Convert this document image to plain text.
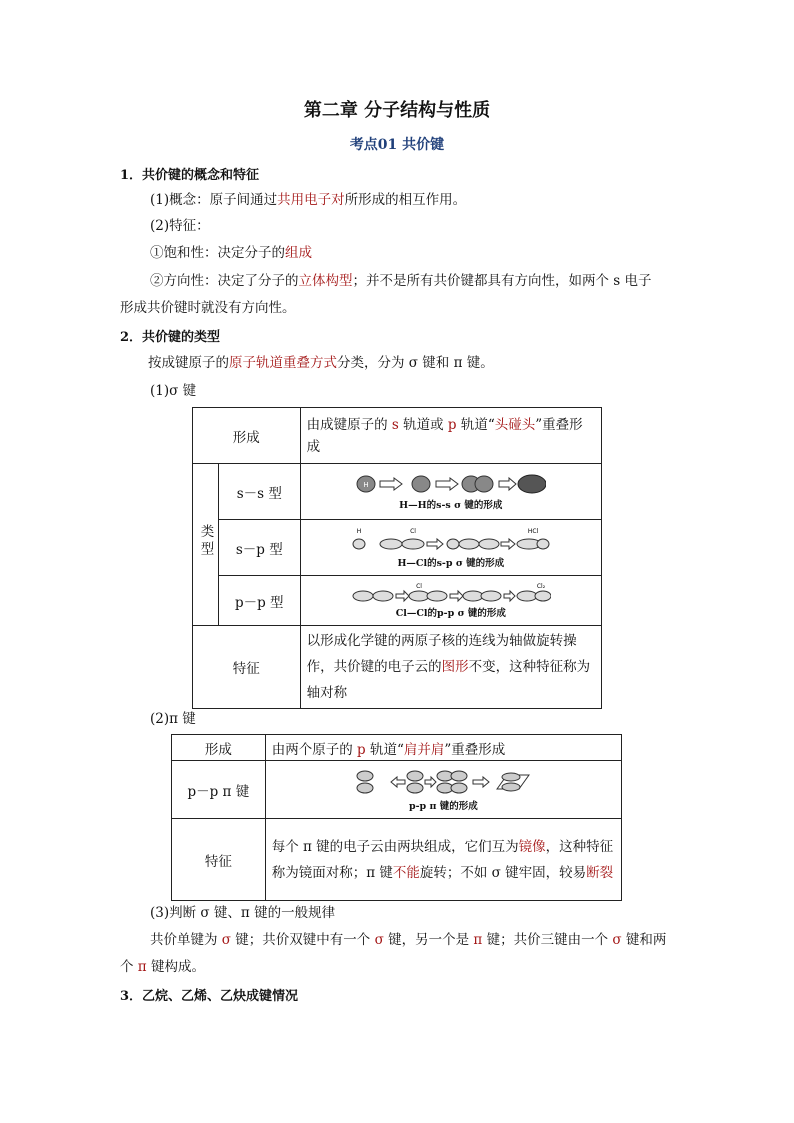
第二章 分子结构与性质
考点01 共价键
1．共价键的概念和特征
(1)概念：原子间通过共用电子对所形成的相互作用。
(2)特征：
①饱和性：决定分子的组成
②方向性：决定了分子的立体构型；并不是所有共价键都具有方向性，如两个 s 电子
形成共价键时就没有方向性。
2．共价键的类型
按成键原子的原子轨道重叠方式分类，分为 σ 键和 π 键。
(1)σ 键
形成		由成键原子的 s 轨道或 p 轨道“头碰头”重叠形成
类型	s－s 型	H
H—H的s-s σ 键的形成

	s－p 型	H Cl HCl
H—Cl的s-p σ 键的形成

	p－p 型	Cl Cl₂
Cl—Cl的p-p σ 键的形成

特征		以形成化学键的两原子核的连线为轴做旋转操作，共价键的电子云的图形不变，这种特征称为轴对称
(2)π 键
形成	由两个原子的 p 轨道“肩并肩”重叠形成
p－p π 键	p-p π 键的形成

特征	每个 π 键的电子云由两块组成，它们互为镜像，这种特征称为镜面对称；π 键不能旋转；不如 σ 键牢固，较易断裂
(3)判断 σ 键、π 键的一般规律
共价单键为 σ 键；共价双键中有一个 σ 键，另一个是 π 键；共价三键由一个 σ 键和两
个 π 键构成。
3．乙烷、乙烯、乙炔成键情况
